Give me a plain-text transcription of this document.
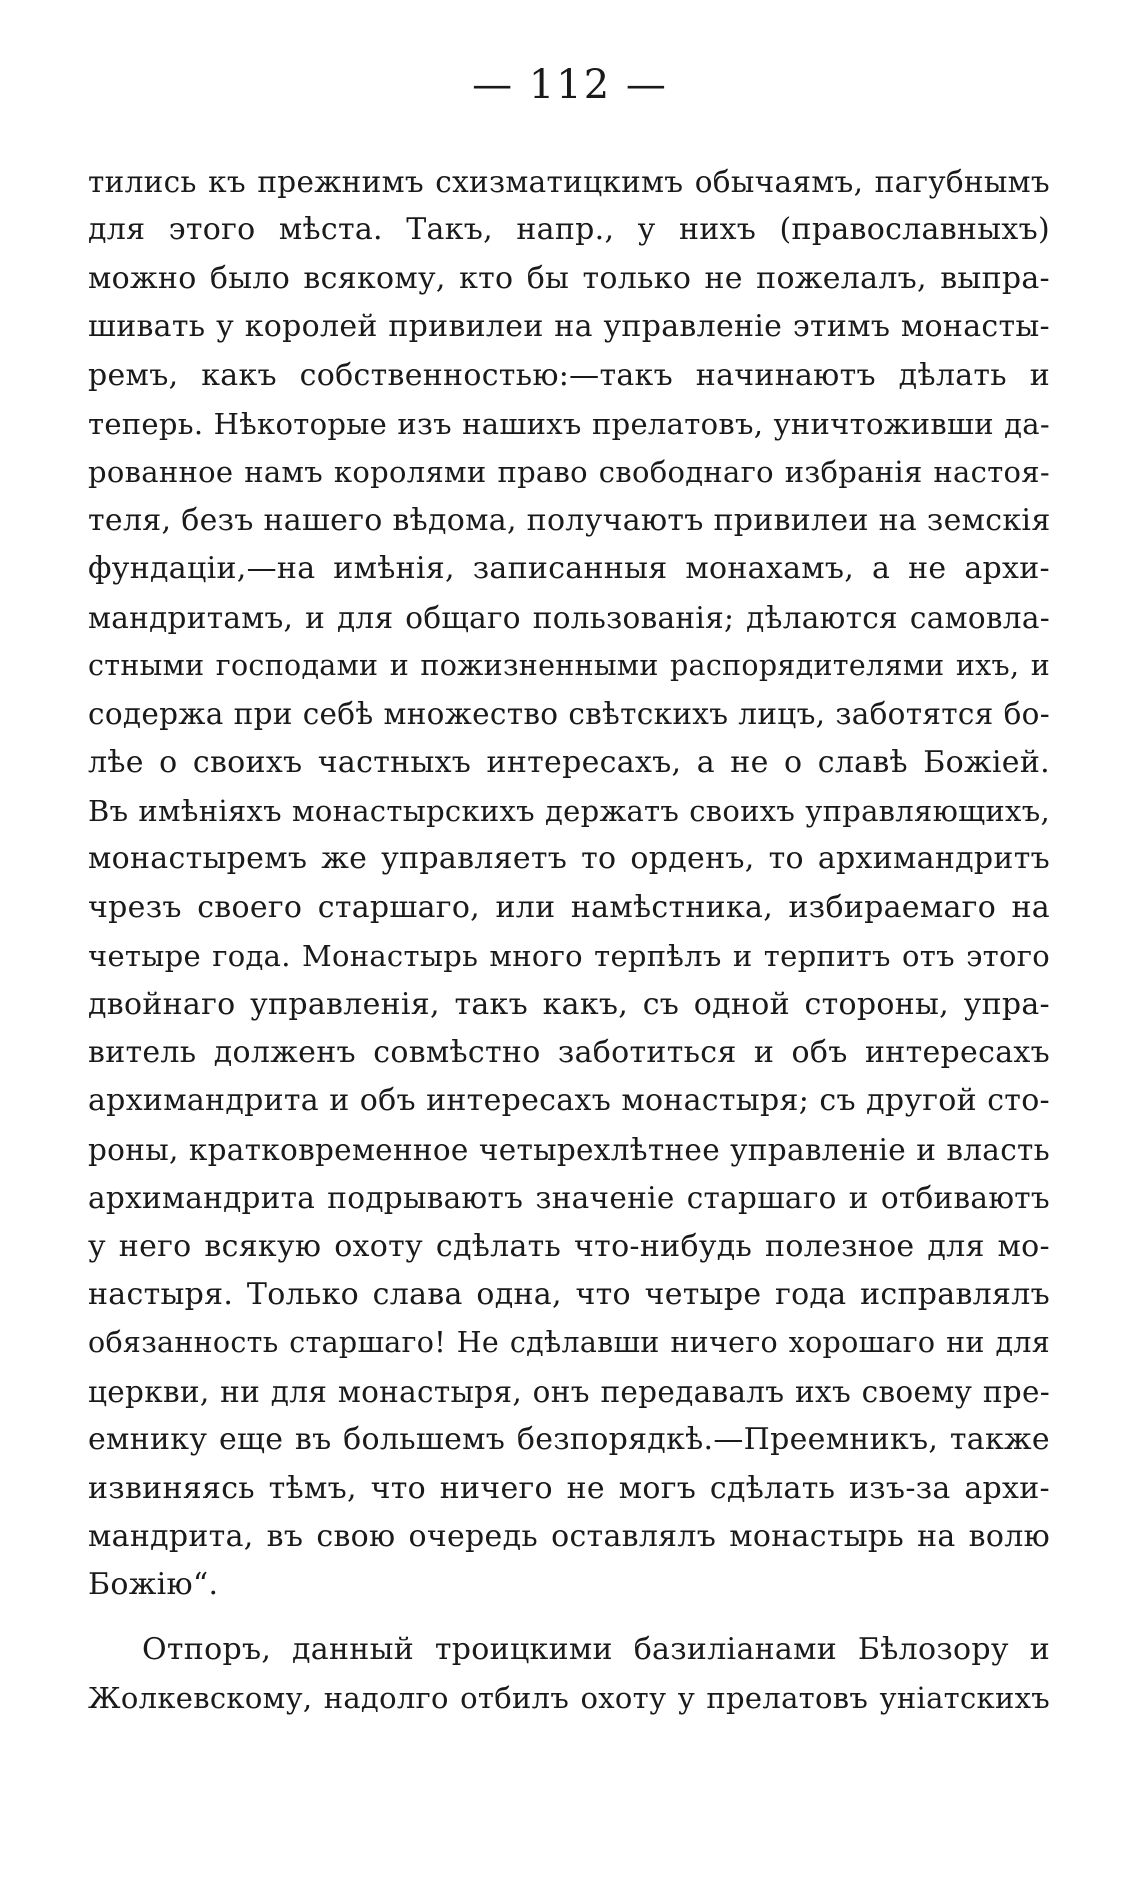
— 112 —
тились къ прежнимъ схизматицкимъ обычаямъ, пагубнымъ
для этого мѣста. Такъ, напр., у нихъ (православныхъ)
можно было всякому, кто бы только не пожелалъ, выпра-
шивать у королей привилеи на управленіе этимъ монасты-
ремъ, какъ собственностью:—такъ начинаютъ дѣлать и
теперь. Нѣкоторые изъ нашихъ прелатовъ, уничтоживши да-
рованное намъ королями право свободнаго избранія настоя-
теля, безъ нашего вѣдома, получаютъ привилеи на земскія
фундаціи,—на имѣнія, записанныя монахамъ, а не архи-
мандритамъ, и для общаго пользованія; дѣлаются самовла-
стными господами и пожизненными распорядителями ихъ, и
содержа при себѣ множество свѣтскихъ лицъ, заботятся бо-
лѣе о своихъ частныхъ интересахъ, а не о славѣ Божіей.
Въ имѣніяхъ монастырскихъ держатъ своихъ управляющихъ,
монастыремъ же управляетъ то орденъ, то архимандритъ
чрезъ своего старшаго, или намѣстника, избираемаго на
четыре года. Монастырь много терпѣлъ и терпитъ отъ этого
двойнаго управленія, такъ какъ, съ одной стороны, упра-
витель долженъ совмѣстно заботиться и объ интересахъ
архимандрита и объ интересахъ монастыря; съ другой сто-
роны, кратковременное четырехлѣтнее управленіе и власть
архимандрита подрываютъ значеніе старшаго и отбиваютъ
у него всякую охоту сдѣлать что-нибудь полезное для мо-
настыря. Только слава одна, что четыре года исправлялъ
обязанность старшаго! Не сдѣлавши ничего хорошаго ни для
церкви, ни для монастыря, онъ передавалъ ихъ своему пре-
емнику еще въ большемъ безпорядкѣ.—Преемникъ, также
извиняясь тѣмъ, что ничего не могъ сдѣлать изъ-за архи-
мандрита, въ свою очередь оставлялъ монастырь на волю
Божію“.
Отпоръ, данный троицкими базиліанами Бѣлозору и
Жолкевскому, надолго отбилъ охоту у прелатовъ уніатскихъ
